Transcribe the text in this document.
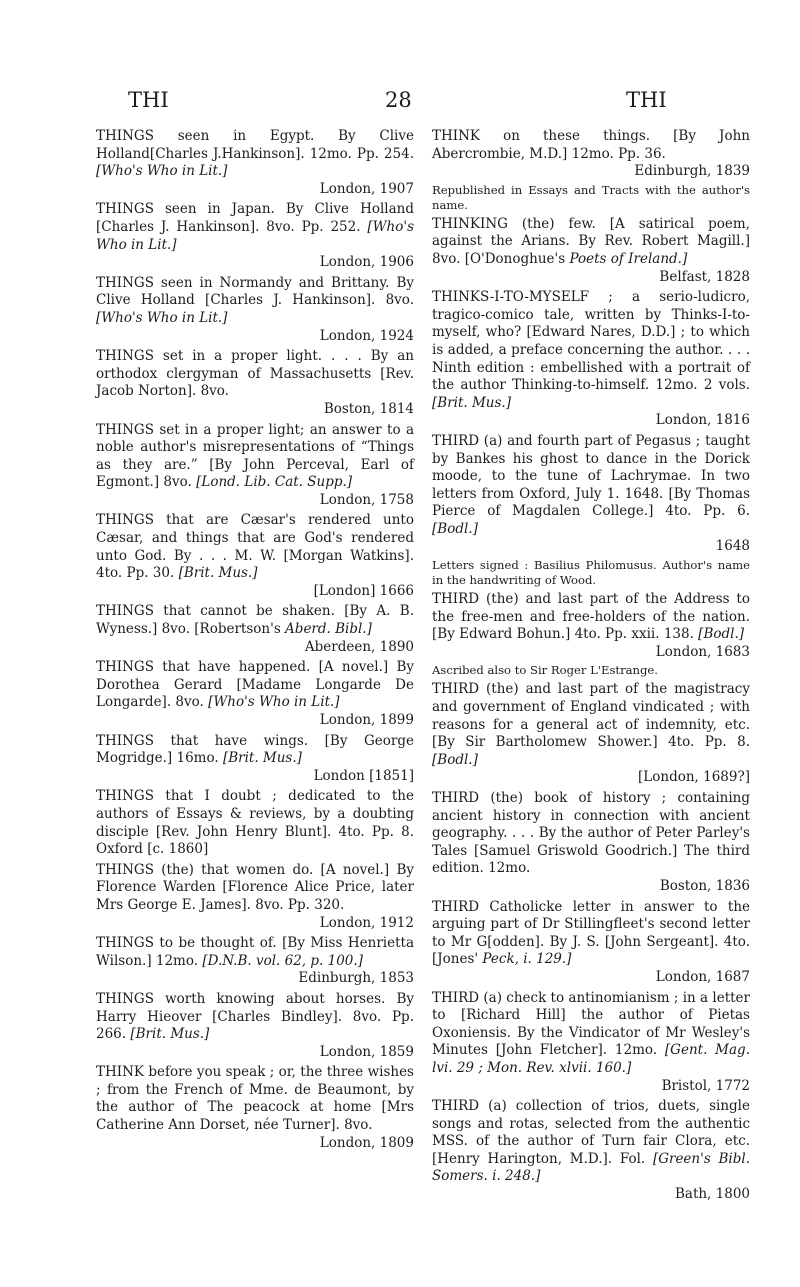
THI	28	THI
THINGS seen in Egypt. By Clive Holland[Charles J.Hankinson]. 12mo. Pp. 254. [Who's Who in Lit.]
London, 1907
THINGS seen in Japan. By Clive Holland [Charles J. Hankinson]. 8vo. Pp. 252. [Who's Who in Lit.]
London, 1906
THINGS seen in Normandy and Brittany. By Clive Holland [Charles J. Hankinson]. 8vo. [Who's Who in Lit.]
London, 1924
THINGS set in a proper light. . . . By an orthodox clergyman of Massachusetts [Rev. Jacob Norton]. 8vo.
Boston, 1814
THINGS set in a proper light; an answer to a noble author's misrepresentations of “Things as they are.” [By John Perceval, Earl of Egmont.] 8vo. [Lond. Lib. Cat. Supp.]
London, 1758
THINGS that are Cæsar's rendered unto Cæsar, and things that are God's rendered unto God. By . . . M. W. [Morgan Watkins]. 4to. Pp. 30. [Brit. Mus.]
[London] 1666
THINGS that cannot be shaken. [By A. B. Wyness.] 8vo. [Robertson's Aberd. Bibl.]
Aberdeen, 1890
THINGS that have happened. [A novel.] By Dorothea Gerard [Madame Longarde De Longarde]. 8vo. [Who's Who in Lit.]
London, 1899
THINGS that have wings. [By George Mogridge.] 16mo. [Brit. Mus.]
London [1851]
THINGS that I doubt ; dedicated to the authors of Essays & reviews, by a doubting disciple [Rev. John Henry Blunt]. 4to. Pp. 8. Oxford [c. 1860]
THINGS (the) that women do. [A novel.] By Florence Warden [Florence Alice Price, later Mrs George E. James]. 8vo. Pp. 320.
London, 1912
THINGS to be thought of. [By Miss Henrietta Wilson.] 12mo. [D.N.B. vol. 62, p. 100.]
Edinburgh, 1853
THINGS worth knowing about horses. By Harry Hieover [Charles Bindley]. 8vo. Pp. 266. [Brit. Mus.]
London, 1859
THINK before you speak ; or, the three wishes ; from the French of Mme. de Beaumont, by the author of The peacock at home [Mrs Catherine Ann Dorset, née Turner]. 8vo.
London, 1809
THINK on these things. [By John Abercrombie, M.D.] 12mo. Pp. 36.
Edinburgh, 1839
Republished in Essays and Tracts with the author's name.
THINKING (the) few. [A satirical poem, against the Arians. By Rev. Robert Magill.] 8vo. [O'Donoghue's Poets of Ireland.]
Belfast, 1828
THINKS-I-TO-MYSELF ; a serio-ludicro, tragico-comico tale, written by Thinks-I-to-myself, who? [Edward Nares, D.D.] ; to which is added, a preface concerning the author. . . . Ninth edition : embellished with a portrait of the author Thinking-to-himself. 12mo. 2 vols. [Brit. Mus.]
London, 1816
THIRD (a) and fourth part of Pegasus ; taught by Bankes his ghost to dance in the Dorick moode, to the tune of Lachrymae. In two letters from Oxford, July 1. 1648. [By Thomas Pierce of Magdalen College.] 4to. Pp. 6. [Bodl.]
1648
Letters signed : Basilius Philomusus. Author's name in the handwriting of Wood.
THIRD (the) and last part of the Address to the free-men and free-holders of the nation. [By Edward Bohun.] 4to. Pp. xxii. 138. [Bodl.]
London, 1683
Ascribed also to Sir Roger L'Estrange.
THIRD (the) and last part of the magistracy and government of England vindicated ; with reasons for a general act of indemnity, etc. [By Sir Bartholomew Shower.] 4to. Pp. 8. [Bodl.]
[London, 1689?]
THIRD (the) book of history ; containing ancient history in connection with ancient geography. . . . By the author of Peter Parley's Tales [Samuel Griswold Goodrich.] The third edition. 12mo.
Boston, 1836
THIRD Catholicke letter in answer to the arguing part of Dr Stillingfleet's second letter to Mr G[odden]. By J. S. [John Sergeant]. 4to. [Jones' Peck, i. 129.]
London, 1687
THIRD (a) check to antinomianism ; in a letter to [Richard Hill] the author of Pietas Oxoniensis. By the Vindicator of Mr Wesley's Minutes [John Fletcher]. 12mo. [Gent. Mag. lvi. 29 ; Mon. Rev. xlvii. 160.]
Bristol, 1772
THIRD (a) collection of trios, duets, single songs and rotas, selected from the authentic MSS. of the author of Turn fair Clora, etc. [Henry Harington, M.D.]. Fol. [Green's Bibl. Somers. i. 248.]
Bath, 1800
